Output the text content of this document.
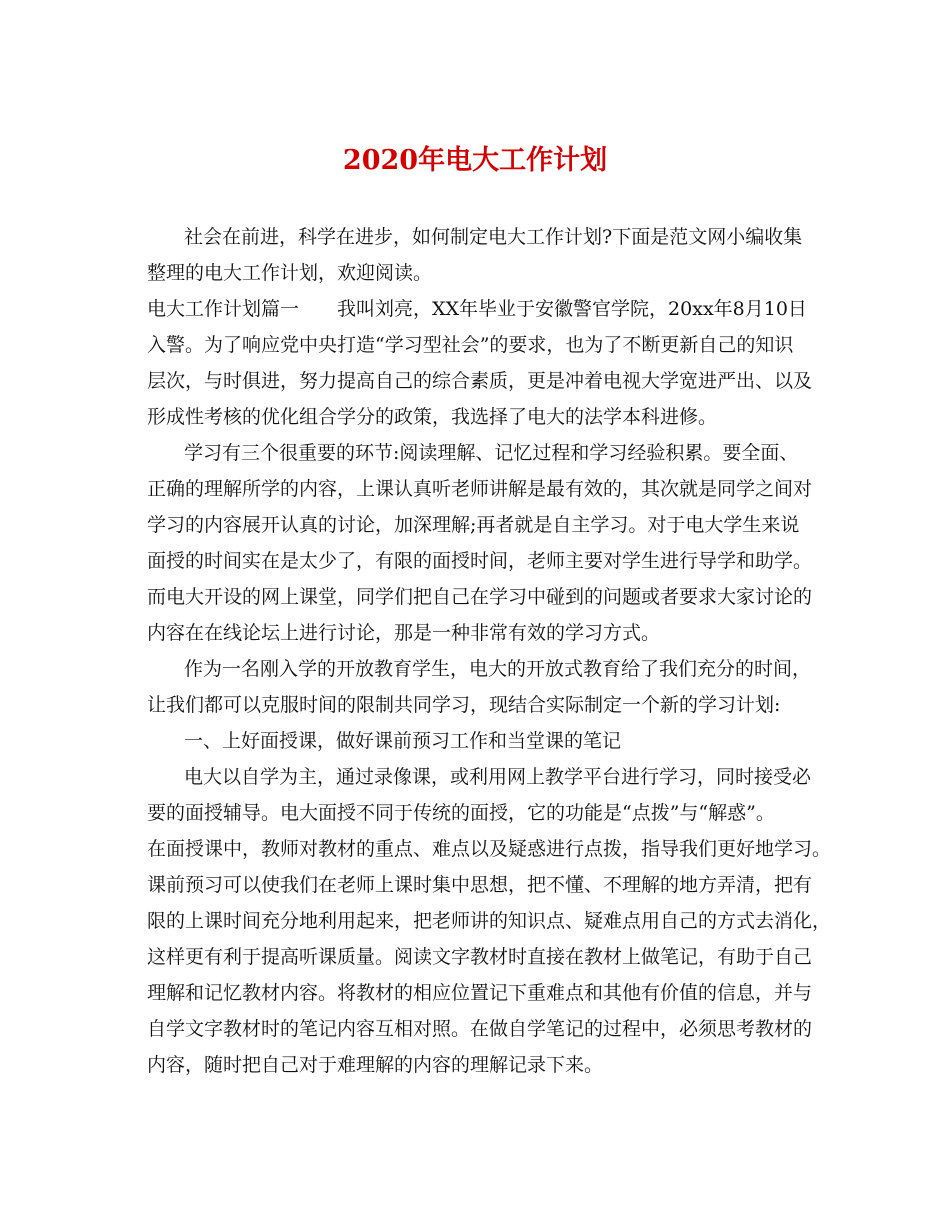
2020年电大工作计划
社会在前进，科学在进步，如何制定电大工作计划?下面是范文网小编收集
整理的电大工作计划，欢迎阅读。
电大工作计划篇一　　我叫刘亮，XX年毕业于安徽警官学院，20xx年8月10日
入警。为了响应党中央打造“学习型社会”的要求，也为了不断更新自己的知识
层次，与时俱进，努力提高自己的综合素质，更是冲着电视大学宽进严出、以及
形成性考核的优化组合学分的政策，我选择了电大的法学本科进修。
学习有三个很重要的环节:阅读理解、记忆过程和学习经验积累。要全面、
正确的理解所学的内容，上课认真听老师讲解是最有效的，其次就是同学之间对
学习的内容展开认真的讨论，加深理解;再者就是自主学习。对于电大学生来说
面授的时间实在是太少了，有限的面授时间，老师主要对学生进行导学和助学。
而电大开设的网上课堂，同学们把自己在学习中碰到的问题或者要求大家讨论的
内容在在线论坛上进行讨论，那是一种非常有效的学习方式。
作为一名刚入学的开放教育学生，电大的开放式教育给了我们充分的时间，
让我们都可以克服时间的限制共同学习，现结合实际制定一个新的学习计划:
一、上好面授课，做好课前预习工作和当堂课的笔记
电大以自学为主，通过录像课，或利用网上教学平台进行学习，同时接受必
要的面授辅导。电大面授不同于传统的面授，它的功能是“点拨”与“解惑”。
在面授课中，教师对教材的重点、难点以及疑惑进行点拨，指导我们更好地学习。
课前预习可以使我们在老师上课时集中思想，把不懂、不理解的地方弄清，把有
限的上课时间充分地利用起来，把老师讲的知识点、疑难点用自己的方式去消化，
这样更有利于提高听课质量。阅读文字教材时直接在教材上做笔记，有助于自己
理解和记忆教材内容。将教材的相应位置记下重难点和其他有价值的信息，并与
自学文字教材时的笔记内容互相对照。在做自学笔记的过程中，必须思考教材的
内容，随时把自己对于难理解的内容的理解记录下来。
